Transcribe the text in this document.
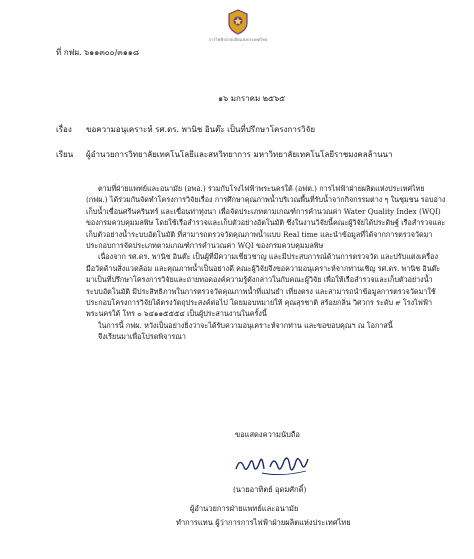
การไฟฟ้าฝ่ายผลิตแห่งประเทศไทย
ที่ กฟผ. ๖๑๑๓๐๐/๓๑๑๘
๑๖ มกราคม ๒๕๖๕
เรื่อง ขอความอนุเคราะห์ รศ.ดร. พานิช อินต๊ะ เป็นที่ปรึกษาโครงการวิจัย
เรียน ผู้อำนวยการวิทยาลัยเทคโนโลยีและสหวิทยาการ มหาวิทยาลัยเทคโนโลยีราชมงคลล้านนา

ตามที่ฝ่ายแพทย์และอนามัย (อพอ.) ร่วมกับโรงไฟฟ้าพระนครใต้ (อฟต.) การไฟฟ้าฝ่ายผลิตแห่งประเทศไทย (กฟผ.) ได้ร่วมกันจัดทำโครงการวิจัยเรื่อง การศึกษาคุณภาพน้ำบริเวณพื้นที่รับน้ำจากกิจกรรมต่าง ๆ ในชุมชน รอบอ่างเก็บน้ำเขื่อนศรีนครินทร์ และเขื่อนท่าทุ่งนา เพื่อจัดประเภทตามเกณฑ์การคำนวณค่า Water Quality Index (WQI) ของกรมควบคุมมลพิษ โดยใช้เรือสำรวจและเก็บตัวอย่างอัตโนมัติ ซึ่งในงานวิจัยนี้คณะผู้วิจัยได้ประดิษฐ์ เรือสำรวจและเก็บตัวอย่างน้ำระบบอัตโนมัติ ที่สามารถตรวจวัดคุณภาพน้ำแบบ Real time และนำข้อมูลที่ได้จากการตรวจวัดมาประกอบการจัดประเภทตามเกณฑ์การคำนวณค่า WQI ของกรมควบคุมมลพิษ

เนื่องจาก รศ.ดร. พานิช อินต๊ะ เป็นผู้ที่มีความเชี่ยวชาญ และมีประสบการณ์ด้านการตรวจวัด และปรับแต่งเครื่องมือวัดด้านสิ่งแวดล้อม และคุณภาพน้ำเป็นอย่างดี คณะผู้วิจัยจึงขอความอนุเคราะห์จากท่านเชิญ รศ.ดร. พานิช อินต๊ะ มาเป็นที่ปรึกษาโครงการวิจัยและถ่ายทอดองค์ความรู้ดังกล่าวในกับคณะผู้วิจัย เพื่อให้เรือสำรวจและเก็บตัวอย่างน้ำระบบอัตโนมัติ มีประสิทธิภาพในการตรวจวัดคุณภาพน้ำที่แม่นยำ เที่ยงตรง และสามารถนำข้อมูลการตรวจวัดมาใช้ประกอบโครงการวิจัยได้ตรงวัตถุประสงค์ต่อไป โดยมอบหมายให้ คุณสุรชาติ สร้อยกลิ่น วิศวกร ระดับ ๙ โรงไฟฟ้าพระนครใต้ โทร ๐ ๖๔๑๑๕๕๕๔ เป็นผู้ประสานงานในครั้งนี้

ในการนี้ กฟผ. หวังเป็นอย่างยิ่งว่าจะได้รับความอนุเคราะห์จากท่าน และขอขอบคุณฯ ณ โอกาสนี้

จึงเรียนมาเพื่อโปรดพิจารณา

ขอแสดงความนับถือ
(นายอาทิตย์ อุดมศักดิ์)
ผู้อำนวยการฝ่ายแพทย์และอนามัย
ทำการแทน ผู้ว่าการการไฟฟ้าฝ่ายผลิตแห่งประเทศไทย
